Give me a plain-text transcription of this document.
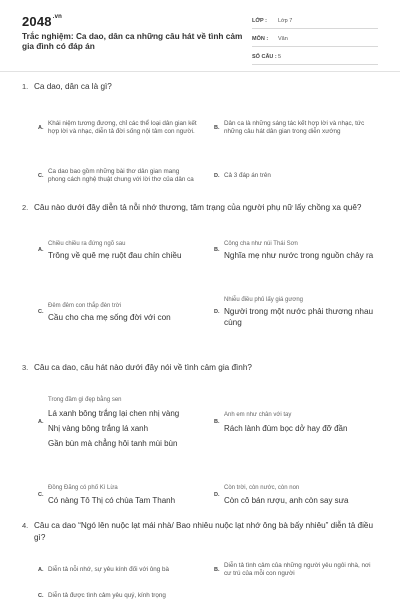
$2048^{.vn}$
Trắc nghiệm: Ca dao, dân ca những câu hát về tình cảm gia đình có đáp án
LỚP :	Lớp 7
MÔN :	Văn
SỐ CÂU : 5
1. Ca dao, dân ca là gì?
A.
Khái niệm tương đương, chỉ các thể loại dân gian kết hợp lời và nhạc, diễn tả đời sống nội tâm con người.	B.
Dân ca là những sáng tác kết hợp lời và nhạc, tức những câu hát dân gian trong diễn xướng
C.
Ca dao bao gồm những bài thơ dân gian mang phong cách nghệ thuật chung với lời thơ của dân ca	D. Cả 3 đáp án trên
2. Câu nào dưới đây diễn tả nỗi nhớ thương, tâm trạng của người phụ nữ lấy chồng xa quê?
A.
Chiều chiều ra đứng ngõ sau
Trông về quê mẹ ruột đau chín chiều
B.
Công cha như núi Thái Sơn
Nghĩa mẹ như nước trong nguồn chảy ra
C.
Đêm đêm con thắp đèn trời
Cầu cho cha mẹ sống đời với con
D.
Nhiễu điều phủ lấy giá gương
Người trong một nước phải thương nhau cùng
3. Câu ca dao, câu hát nào dưới đây nói về tình cảm gia đình?
A.
Trong đầm gì đẹp bằng sen
Lá xanh bông trắng lại chen nhị vàng
Nhị vàng bông trắng lá xanh
Gần bùn mà chẳng hôi tanh mùi bùn
B.
Anh em như chân với tay
Rách lành đùm bọc dở hay đỡ đần
C.
Đồng Đăng có phố Kì Lừa
Có nàng Tô Thị có chùa Tam Thanh
D.
Còn trời, còn nước, còn non
Còn cô bán rượu, anh còn say sưa
4. Câu ca dao “Ngó lên nuộc lạt mái nhà/ Bao nhiêu nuộc lạt nhớ ông bà bấy nhiêu” diễn tả điều gì?
A. Diễn tả nỗi nhớ, sự yêu kính đối với ông bà	B.
Diễn tả tình cảm của những người yêu ngôi nhà, nơi cư trú của mỗi con người
C. Diễn tả được tình cảm yêu quý, kính trọng
